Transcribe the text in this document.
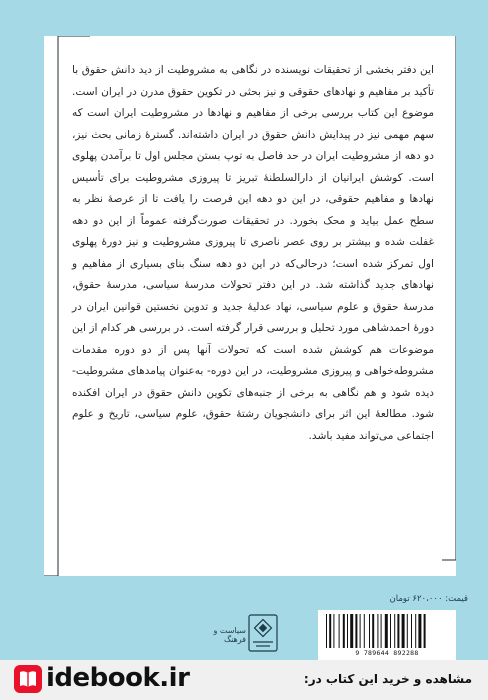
این دفتر بخشی از تحقیقات نویسنده در نگاهی به مشروطیت از دید دانش حقوق با تأکید بر مفاهیم و نهادهای حقوقی و نیز بحثی در تکوین حقوق مدرن در ایران است. موضوع این کتاب بررسی برخی از مفاهیم و نهادها در مشروطیت ایران است که سهم مهمی نیز در پیدایش دانش حقوق در ایران داشته‌اند. گسترهٔ زمانی بحث نیز، دو دهه از مشروطیت ایران در حد فاصل به توپ بستن مجلس اول تا برآمدن پهلوی است. کوشش ایرانیان از دارالسلطنهٔ تبریز تا پیروزی مشروطیت برای تأسیس نهادها و مفاهیم حقوقی، در این دو دهه این فرصت را یافت تا از عرصهٔ نظر به سطح عمل بیاید و محک بخورد. در تحقیقات صورت‌گرفته عموماً از این دو دهه غفلت شده و بیشتر بر روی عصر ناصری تا پیروزی مشروطیت و نیز دورهٔ پهلوی اول تمرکز شده است؛ درحالی‌که در این دو دهه سنگ بنای بسیاری از مفاهیم و نهادهای جدید گذاشته شد. در این دفتر تحولات مدرسهٔ سیاسی، مدرسهٔ حقوق، مدرسهٔ حقوق و علوم سیاسی، نهاد عدلیهٔ جدید و تدوین نخستین قوانین ایران در دورهٔ احمدشاهی مورد تحلیل و بررسی قرار گرفته است. در بررسی هر کدام از این موضوعات هم کوشش شده است که تحولات آنها پس از دو دوره مقدمات مشروطه‌خواهی و پیروزی مشروطیت، در این دوره- به‌عنوان پیامدهای مشروطیت- دیده شود و هم نگاهی به برخی از جنبه‌های تکوین دانش حقوق در ایران افکنده شود. مطالعهٔ این اثر برای دانشجویان رشتهٔ حقوق، علوم سیاسی، تاریخ و علوم اجتماعی می‌تواند مفید باشد.

قیمت: ۶۲۰،۰۰۰ تومان
سیاست و فرهنگ
9 789644 892288
idebook.ir	مشاهده و خرید این کتاب در:
